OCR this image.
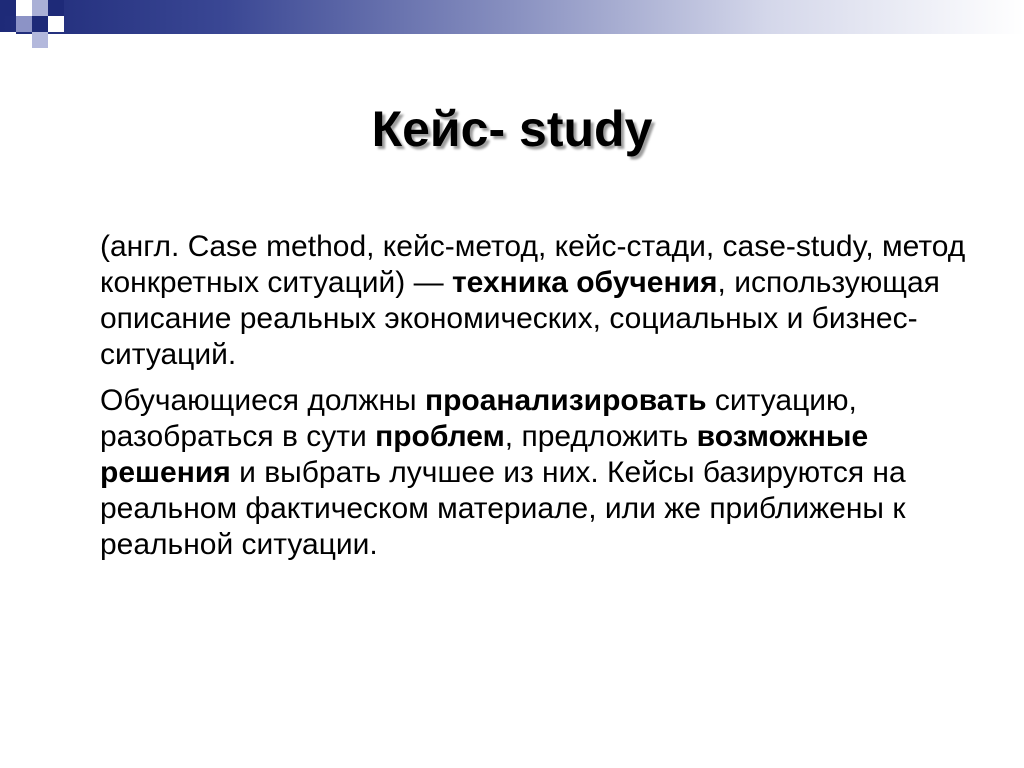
Кейс- study

(англ. Case method, кейс-метод, кейс-стади, case-study, метод конкретных ситуаций) — техника обучения, использующая описание реальных экономических, социальных и бизнес-ситуаций.

Обучающиеся должны проанализировать ситуацию, разобраться в сути проблем, предложить возможные решения и выбрать лучшее из них. Кейсы базируются на реальном фактическом материале, или же приближены к реальной ситуации.
